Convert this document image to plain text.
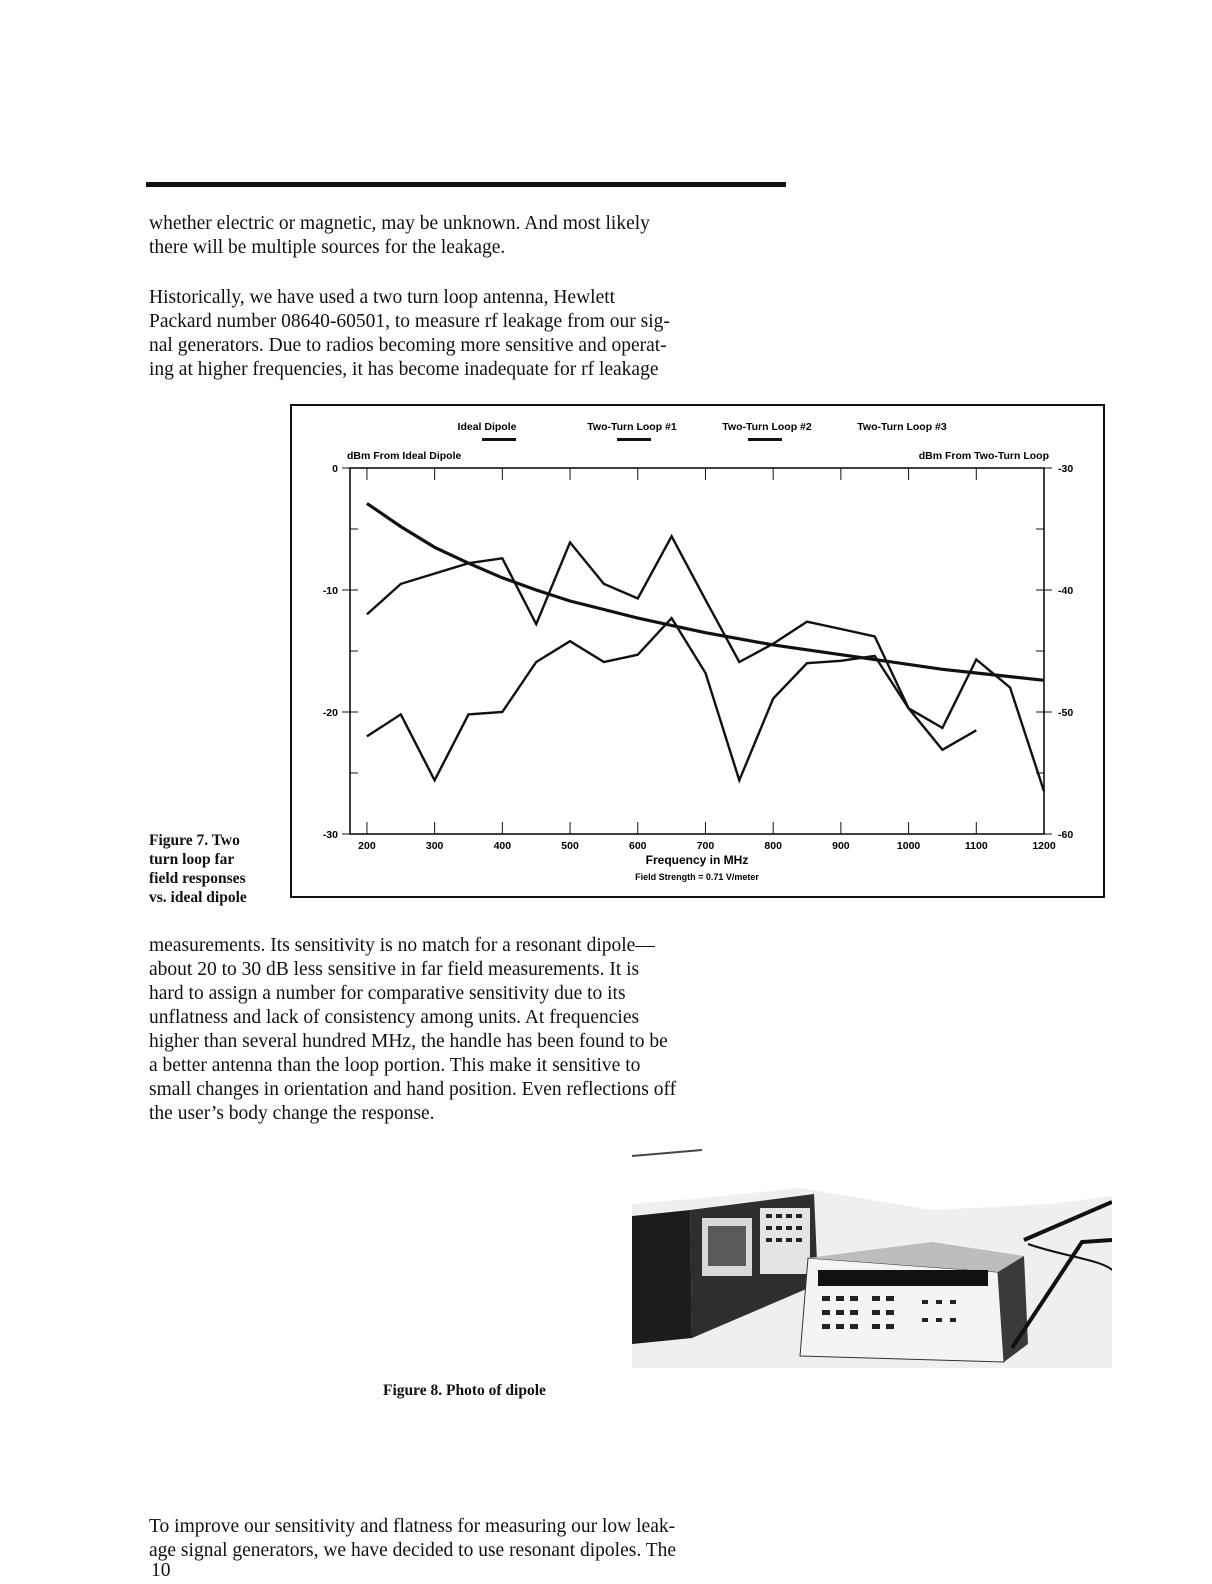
whether electric or magnetic, may be unknown. And most likely
there will be multiple sources for the leakage.

Historically, we have used a two turn loop antenna, Hewlett
Packard number 08640-60501, to measure rf leakage from our sig-
nal generators. Due to radios becoming more sensitive and operat-
ing at higher frequencies, it has become inadequate for rf leakage

Figure 7. Two
turn loop far
field responses
vs. ideal dipole
Ideal Dipole	Two-Turn Loop #1	Two-Turn Loop #2	Two-Turn Loop #3
dBm From Ideal Dipole	dBm From Two-Turn Loop
200	300	400	500	600	700	800	900	1000	1100	1200
0
-10
-20
-30
-30
-40
-50
-60
Frequency in MHz
Field Strength = 0.71 V/meter

measurements. Its sensitivity is no match for a resonant dipole—
about 20 to 30 dB less sensitive in far field measurements. It is
hard to assign a number for comparative sensitivity due to its
unflatness and lack of consistency among units. At frequencies
higher than several hundred MHz, the handle has been found to be
a better antenna than the loop portion. This make it sensitive to
small changes in orientation and hand position. Even reflections off
the user’s body change the response.

Figure 8. Photo of dipole

To improve our sensitivity and flatness for measuring our low leak-
age signal generators, we have decided to use resonant dipoles. The

10
